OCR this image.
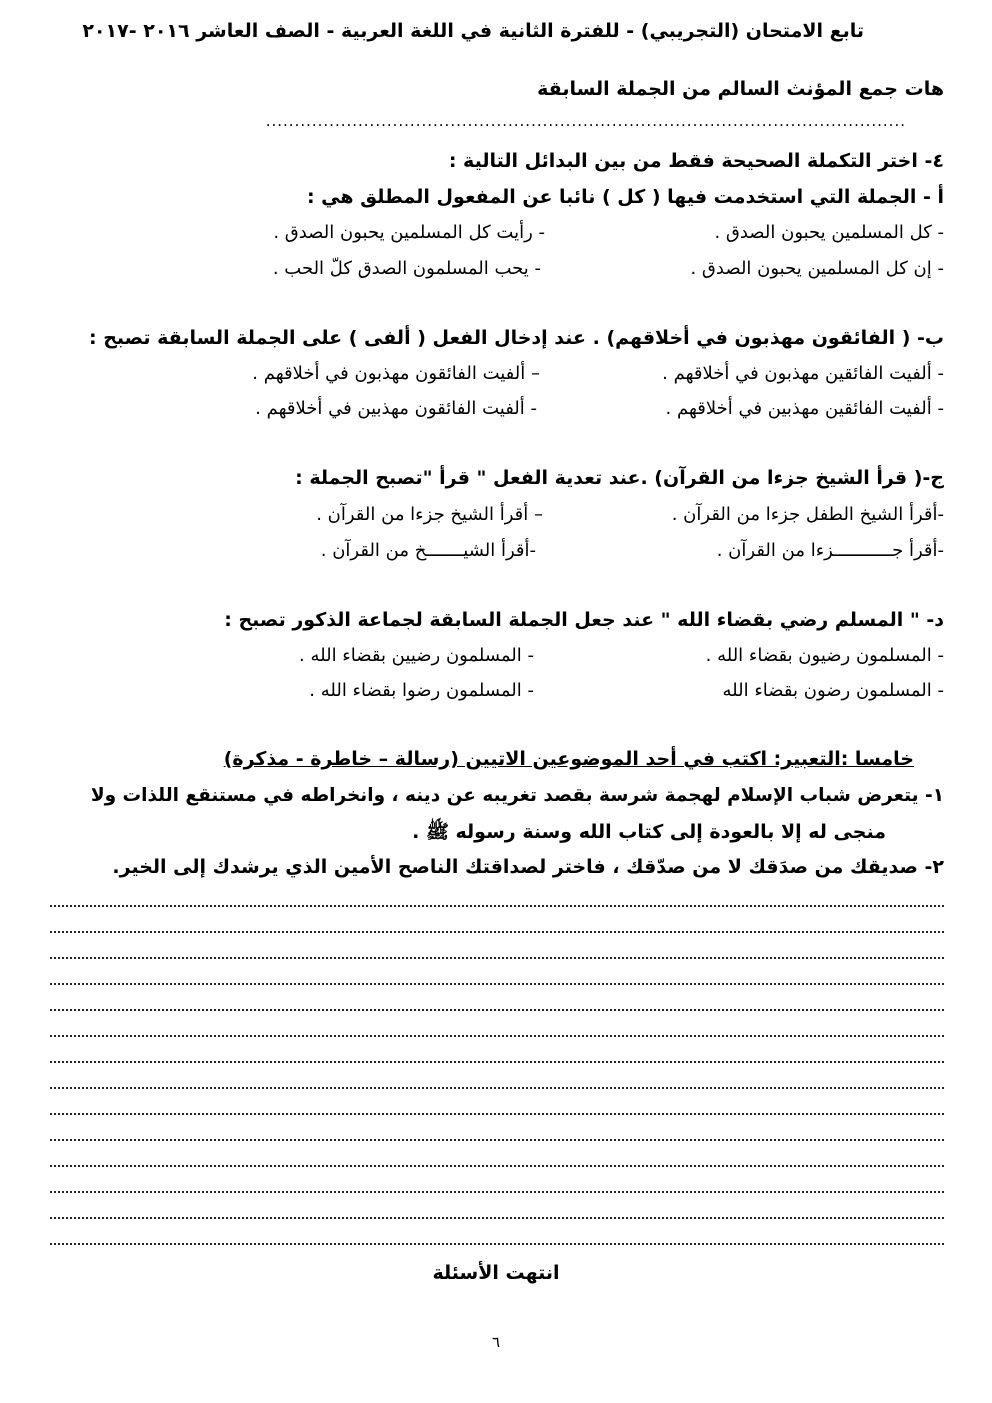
تابع الامتحان (التجريبي) - للفترة الثانية في اللغة العربية - الصف العاشر ٢٠١٦ -٢٠١٧
هات جمع المؤنث السالم من الجملة السابقة
...............................................................................................................
٤- اختر التكملة الصحيحة فقط من بين البدائل التالية :
أ - الجملة التي استخدمت فيها ( كل ) نائبا عن المفعول المطلق هي :
- كل المسلمين يحبون الصدق .
- رأيت كل المسلمين يحبون الصدق .
- إن كل المسلمين يحبون الصدق .
- يحب المسلمون الصدق كلّ الحب .
ب- ( الفائقون مهذبون في أخلاقهم) . عند إدخال الفعل ( ألفى ) على الجملة السابقة تصبح :
- ألفيت الفائقين مهذبون في أخلاقهم .
– ألفيت الفائقون مهذبون في أخلاقهم .
- ألفيت الفائقين مهذبين في أخلاقهم .
- ألفيت الفائقون مهذبين في أخلاقهم .
ج-( قرأ الشيخ جزءا من القرآن) .عند تعدية الفعل " قرأ "تصبح الجملة :
-أقرأ الشيخ الطفل جزءا من القرآن .
– أقرأ الشيخ جزءا من القرآن .
-أقرأ جـــــــــــزءا من القرآن .
-أقرأ الشيـــــــخ من القرآن .
د- " المسلم رضي بقضاء الله " عند جعل الجملة السابقة لجماعة الذكور تصبح :
- المسلمون رضيون بقضاء الله .
- المسلمون رضيين بقضاء الله .
- المسلمون رضون بقضاء الله
- المسلمون رضوا بقضاء الله .
خامسا :التعبير: اكتب في أحد الموضوعين الاتيين (رسالة – خاطرة - مذكرة)
١- يتعرض شباب الإسلام لهجمة شرسة بقصد تغريبه عن دينه ، وانخراطه في مستنقع اللذات ولا
منجى له إلا بالعودة إلى كتاب الله وسنة رسوله ﷺ .
٢- صديقك من صدَقك لا من صدّقك ، فاختر لصداقتك الناصح الأمين الذي يرشدك إلى الخير.
انتهت الأسئلة
٦
